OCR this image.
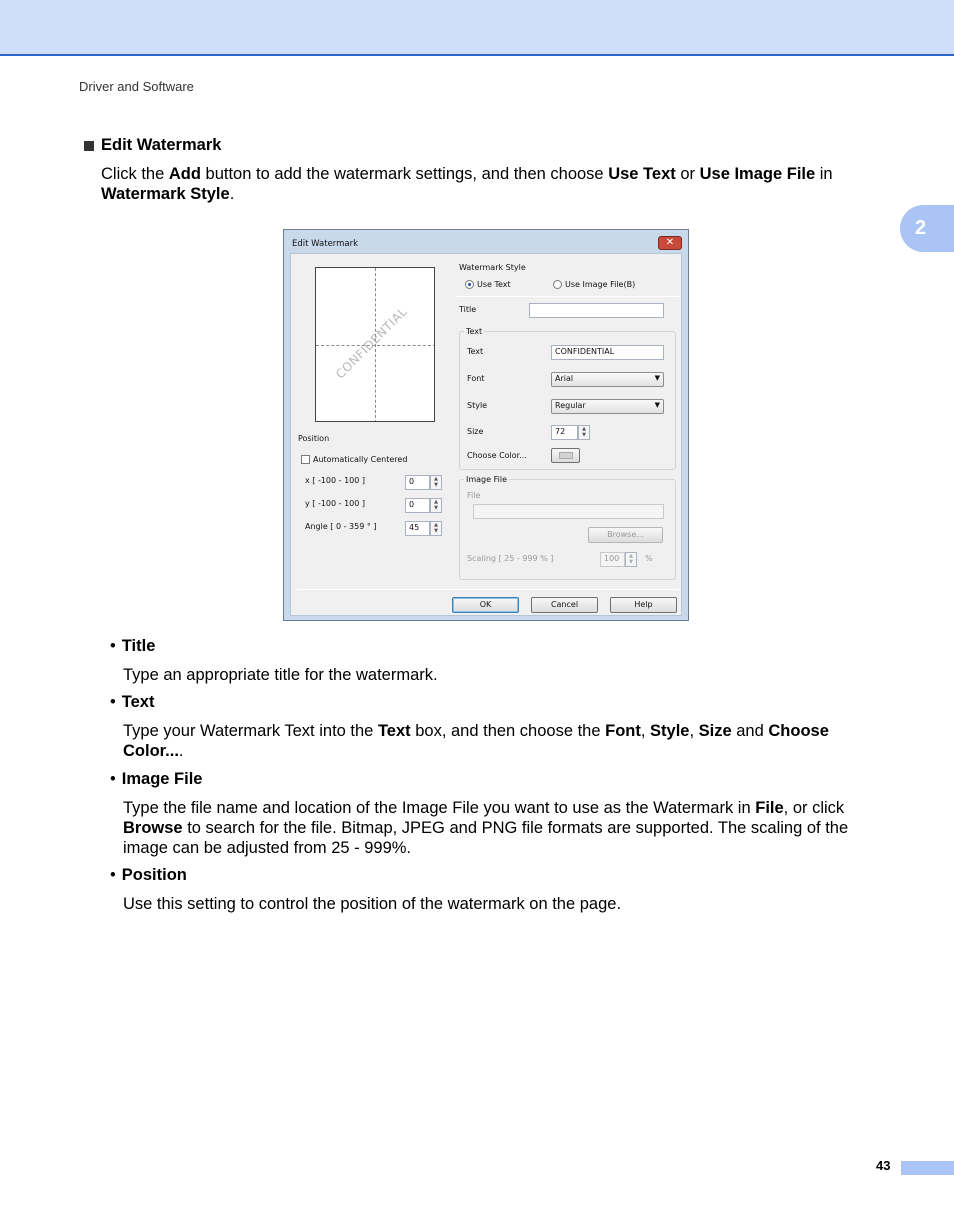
Driver and Software
2
Edit Watermark
Click the Add button to add the watermark settings, and then choose Use Text or Use Image File in Watermark Style.
Edit Watermark	✕
CONFIDENTIAL
Position
Automatically Centered
x [ -100 - 100 ]	0	▲
▼
y [ -100 - 100 ]	0	▲
▼
Angle [ 0 - 359 ° ]	45	▲
▼
Watermark Style
Use Text	Use Image File(B)
Title
Text
Text	CONFIDENTIAL
Font	Arial	▼
Style	Regular	▼
Size	72	▲
▼
Choose Color...
Image File
File
Browse...
Scaling [ 25 - 999 % ]	100	▲
▼	%
OK	Cancel	Help
• Title
Type an appropriate title for the watermark.
• Text
Type your Watermark Text into the Text box, and then choose the Font, Style, Size and Choose Color....
• Image File
Type the file name and location of the Image File you want to use as the Watermark in File, or click Browse to search for the file. Bitmap, JPEG and PNG file formats are supported. The scaling of the image can be adjusted from 25 - 999%.
• Position
Use this setting to control the position of the watermark on the page.
43
